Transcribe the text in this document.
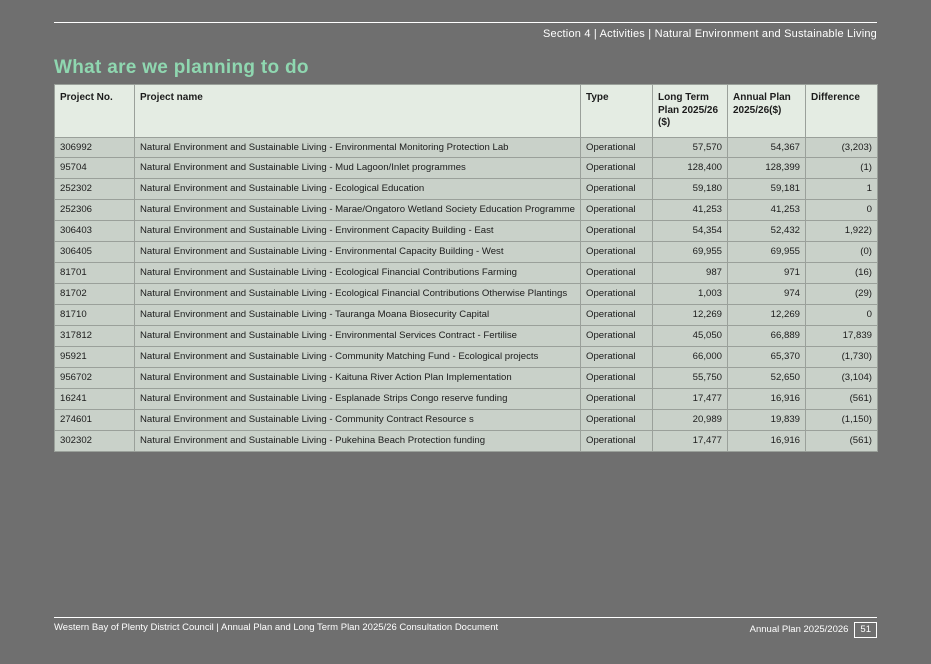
Section 4 | Activities | Natural Environment and Sustainable Living
What are we planning to do
Project No.	Project name	Type	Long Term Plan 2025/26 ($)	Annual Plan 2025/26($)	Difference
306992	Natural Environment and Sustainable Living - Environmental Monitoring Protection Lab	Operational	57,570	54,367	(3,203)
95704	Natural Environment and Sustainable Living - Mud Lagoon/Inlet programmes	Operational	128,400	128,399	(1)
252302	Natural Environment and Sustainable Living - Ecological Education	Operational	59,180	59,181	1
252306	Natural Environment and Sustainable Living - Marae/Ongatoro Wetland Society Education Programme	Operational	41,253	41,253	0
306403	Natural Environment and Sustainable Living - Environment Capacity Building - East	Operational	54,354	52,432	1,922)
306405	Natural Environment and Sustainable Living - Environmental Capacity Building - West	Operational	69,955	69,955	(0)
81701	Natural Environment and Sustainable Living - Ecological Financial Contributions Farming	Operational	987	971	(16)
81702	Natural Environment and Sustainable Living - Ecological Financial Contributions Otherwise Plantings	Operational	1,003	974	(29)
81710	Natural Environment and Sustainable Living - Tauranga Moana Biosecurity Capital	Operational	12,269	12,269	0
317812	Natural Environment and Sustainable Living - Environmental Services Contract - Fertilise	Operational	45,050	66,889	17,839
95921	Natural Environment and Sustainable Living - Community Matching Fund - Ecological projects	Operational	66,000	65,370	(1,730)
956702	Natural Environment and Sustainable Living - Kaituna River Action Plan Implementation	Operational	55,750	52,650	(3,104)
16241	Natural Environment and Sustainable Living - Esplanade Strips Congo reserve funding	Operational	17,477	16,916	(561)
274601	Natural Environment and Sustainable Living - Community Contract Resource s	Operational	20,989	19,839	(1,150)
302302	Natural Environment and Sustainable Living - Pukehina Beach Protection funding	Operational	17,477	16,916	(561)
Western Bay of Plenty District Council | Annual Plan and Long Term Plan 2025/26 Consultation Document	Annual Plan 2025/2026 51
